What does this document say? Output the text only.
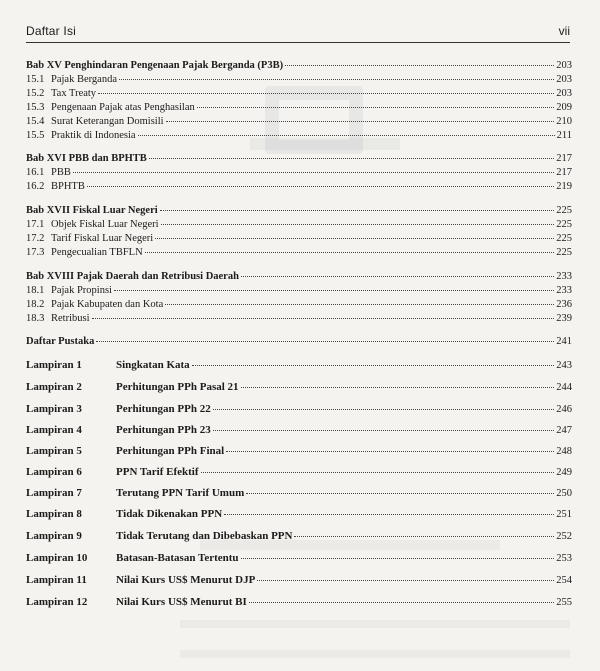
Daftar Isi	vii
Bab XV Penghindaran Pengenaan Pajak Berganda (P3B)	203
15.1 Pajak Berganda	203
15.2 Tax Treaty	203
15.3 Pengenaan Pajak atas Penghasilan	209
15.4 Surat Keterangan Domisili	210
15.5 Praktik di Indonesia	211
Bab XVI PBB dan BPHTB	217
16.1 PBB	217
16.2 BPHTB	219
Bab XVII Fiskal Luar Negeri	225
17.1 Objek Fiskal Luar Negeri	225
17.2 Tarif Fiskal Luar Negeri	225
17.3 Pengecualian TBFLN	225
Bab XVIII Pajak Daerah dan Retribusi Daerah	233
18.1 Pajak Propinsi	233
18.2 Pajak Kabupaten dan Kota	236
18.3 Retribusi	239
Daftar Pustaka	241
Lampiran 1	Singkatan Kata	243
Lampiran 2	Perhitungan PPh Pasal 21	244
Lampiran 3	Perhitungan PPh 22	246
Lampiran 4	Perhitungan PPh 23	247
Lampiran 5	Perhitungan PPh Final	248
Lampiran 6	PPN Tarif Efektif	249
Lampiran 7	Terutang PPN Tarif Umum	250
Lampiran 8	Tidak Dikenakan PPN	251
Lampiran 9	Tidak Terutang dan Dibebaskan PPN	252
Lampiran 10	Batasan-Batasan Tertentu	253
Lampiran 11	Nilai Kurs US$ Menurut DJP	254
Lampiran 12	Nilai Kurs US$ Menurut BI	255
